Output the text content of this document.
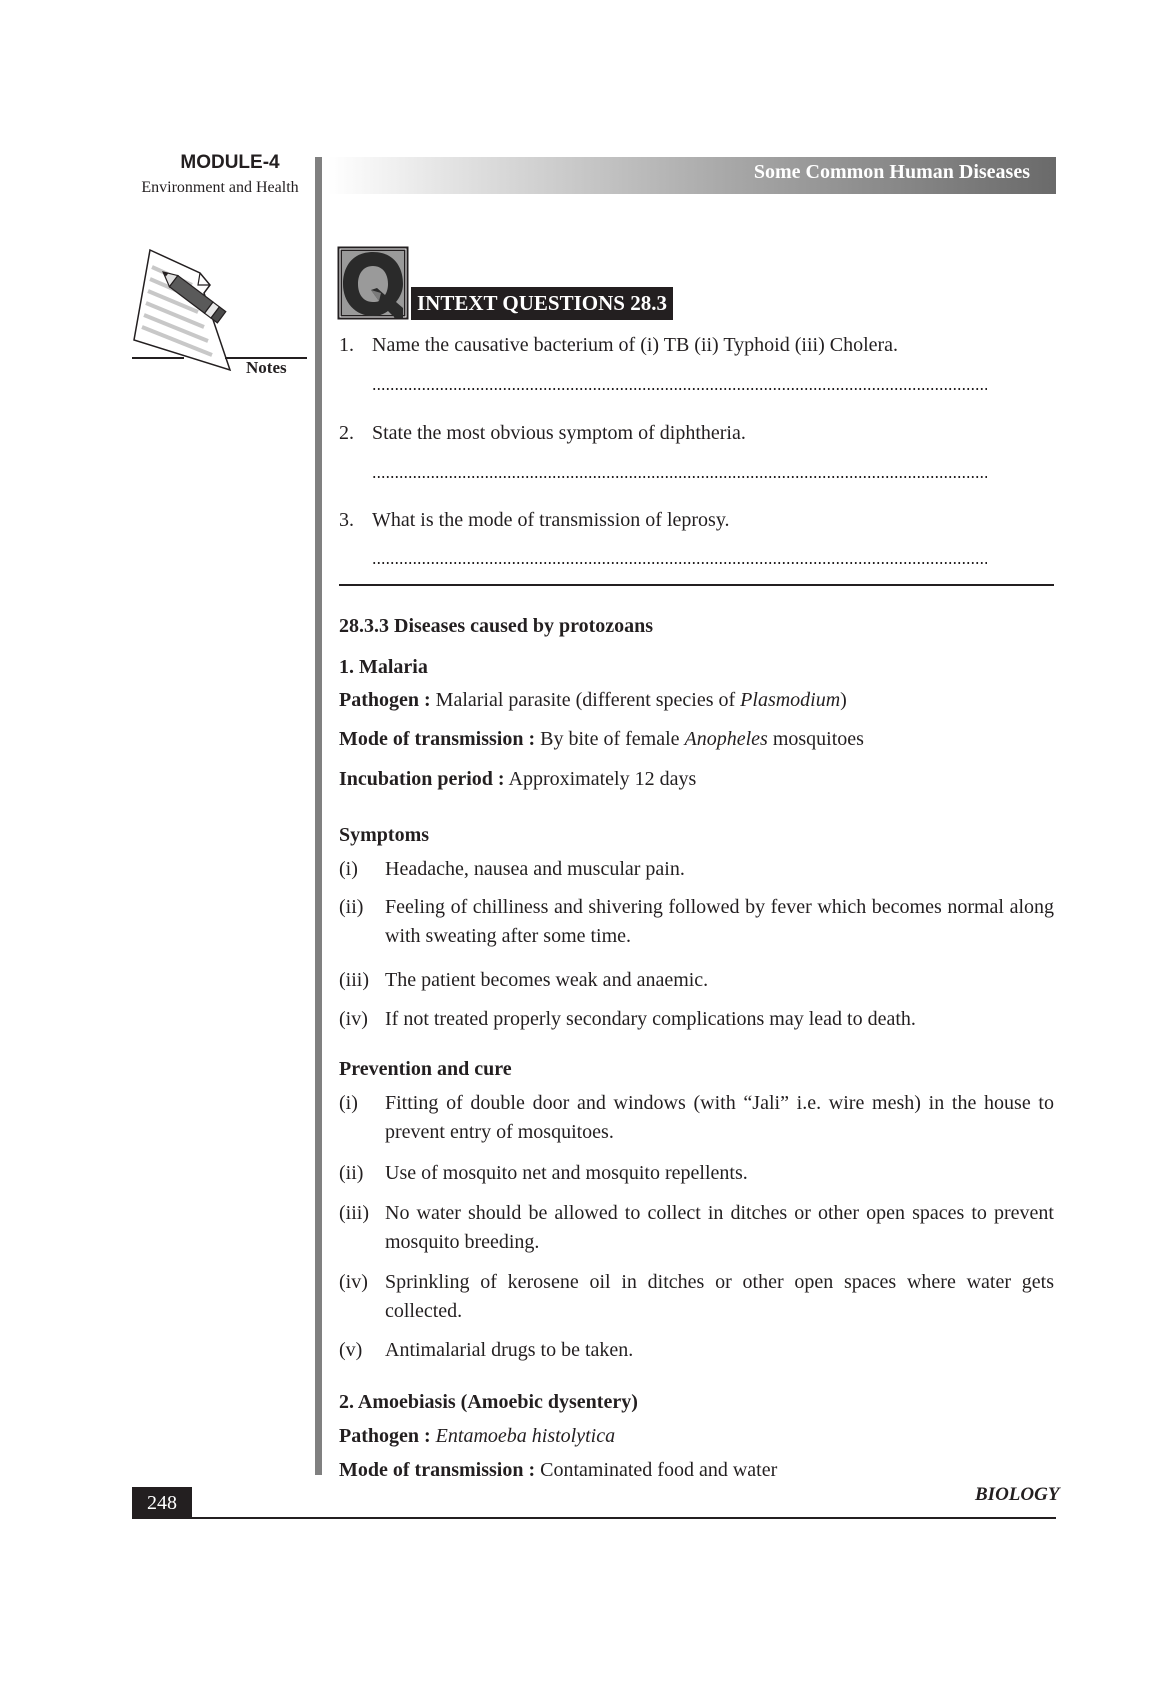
MODULE-4
Environment and Health
Notes
Some Common Human Diseases
INTEXT QUESTIONS 28.3
1. Name the causative bacterium of (i) TB (ii) Typhoid (iii) Cholera.
2. State the most obvious symptom of diphtheria.
3. What is the mode of transmission of leprosy.
28.3.3 Diseases caused by protozoans
1. Malaria
Pathogen : Malarial parasite (different species of Plasmodium)
Mode of transmission : By bite of female Anopheles mosquitoes
Incubation period : Approximately 12 days
Symptoms
(i) Headache, nausea and muscular pain.
(ii) Feeling of chilliness and shivering followed by fever which becomes normal along with sweating after some time.
(iii) The patient becomes weak and anaemic.
(iv) If not treated properly secondary complications may lead to death.
Prevention and cure
(i) Fitting of double door and windows (with “Jali” i.e. wire mesh) in the house to prevent entry of mosquitoes.
(ii) Use of mosquito net and mosquito repellents.
(iii) No water should be allowed to collect in ditches or other open spaces to prevent mosquito breeding.
(iv) Sprinkling of kerosene oil in ditches or other open spaces where water gets collected.
(v) Antimalarial drugs to be taken.
2. Amoebiasis (Amoebic dysentery)
Pathogen : Entamoeba histolytica
Mode of transmission : Contaminated food and water
248	BIOLOGY
